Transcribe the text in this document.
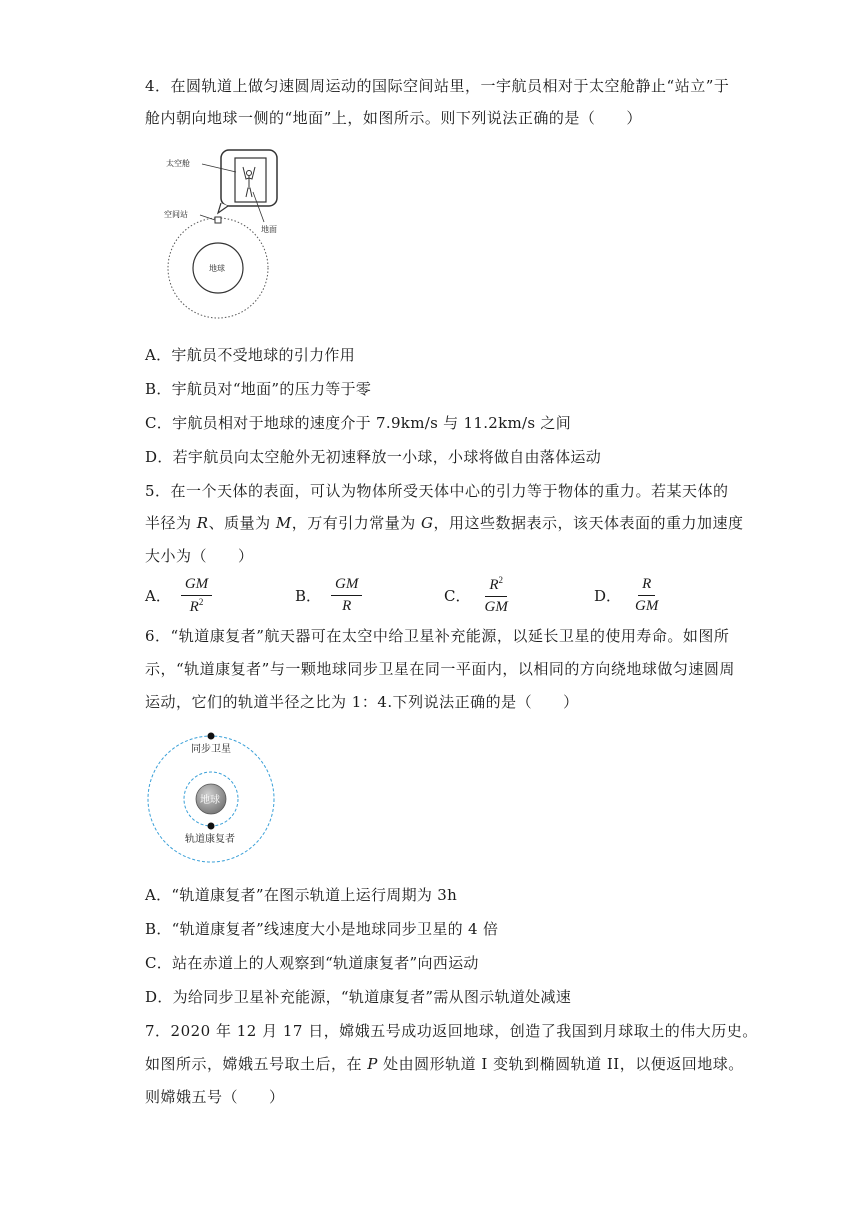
4．在圆轨道上做匀速圆周运动的国际空间站里，一宇航员相对于太空舱静止“站立”于
舱内朝向地球一侧的“地面”上，如图所示。则下列说法正确的是（　　）
太空舱
空间站
地面
地球
A．宇航员不受地球的引力作用
B．宇航员对“地面”的压力等于零
C．宇航员相对于地球的速度介于 7.9km/s 与 11.2km/s 之间
D．若宇航员向太空舱外无初速释放一小球，小球将做自由落体运动
5．在一个天体的表面，可认为物体所受天体中心的引力等于物体的重力。若某天体的
半径为 R、质量为 M，万有引力常量为 G，用这些数据表示，该天体表面的重力加速度
大小为（　　）
A． $\frac{GM}{R^2}$	B． $\frac{GM}{R}$	C． $\frac{R^2}{GM}$	D． $\frac{R}{GM}$
6．“轨道康复者”航天器可在太空中给卫星补充能源，以延长卫星的使用寿命。如图所
示，“轨道康复者”与一颗地球同步卫星在同一平面内，以相同的方向绕地球做匀速圆周
运动，它们的轨道半径之比为 1：4.下列说法正确的是（　　）
同步卫星
地球
轨道康复者
A．“轨道康复者”在图示轨道上运行周期为 3h
B．“轨道康复者”线速度大小是地球同步卫星的 4 倍
C．站在赤道上的人观察到“轨道康复者”向西运动
D．为给同步卫星补充能源，“轨道康复者”需从图示轨道处减速
7．2020 年 12 月 17 日，嫦娥五号成功返回地球，创造了我国到月球取土的伟大历史。
如图所示，嫦娥五号取土后，在 P 处由圆形轨道 I 变轨到椭圆轨道 II，以便返回地球。
则嫦娥五号（　　）
